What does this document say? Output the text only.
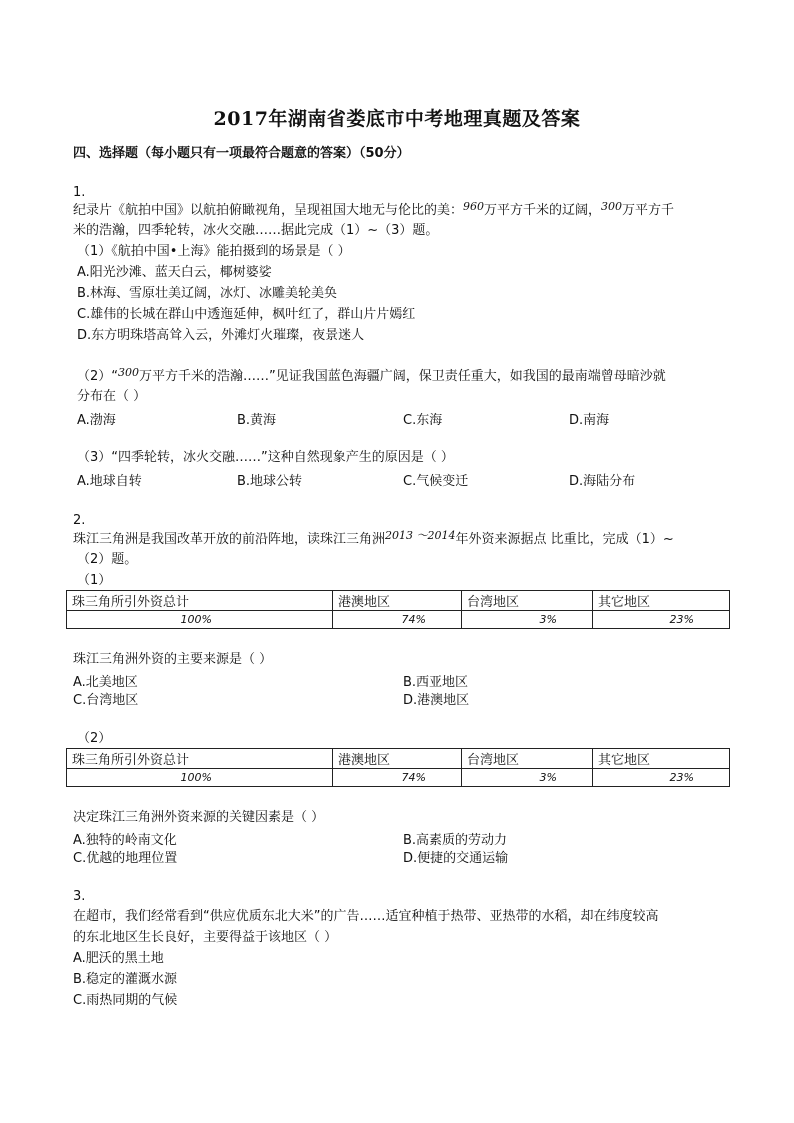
2017年湖南省娄底市中考地理真题及答案
四、选择题（每小题只有一项最符合题意的答案）（50分）
1.
纪录片《航拍中国》以航拍俯瞰视角，呈现祖国大地无与伦比的美：$^{960}$万平方千米的辽阔，$^{300}$万平方千
米的浩瀚，四季轮转，冰火交融……据此完成（1）~（3）题。
（1）《航拍中国•上海》能拍摄到的场景是（ ）
A.阳光沙滩、蓝天白云，椰树婆娑
B.林海、雪原壮美辽阔，冰灯、冰雕美轮美奂
C.雄伟的长城在群山中透迤延伸，枫叶红了，群山片片嫣红
D.东方明珠塔高耸入云，外滩灯火璀璨，夜景迷人
（2）“$^{300}$万平方千米的浩瀚……”见证我国蓝色海疆广阔，保卫责任重大，如我国的最南端曾母暗沙就
分布在（ ）
A.渤海	B.黄海	C.东海	D.南海
（3）“四季轮转，冰火交融……”这种自然现象产生的原因是（ ）
A.地球自转	B.地球公转	C.气候变迁	D.海陆分布
2.
珠江三角洲是我国改革开放的前沿阵地，读珠江三角洲$^{2013}$ $^{\sim 2014}$年外资来源据点 比重比，完成（1）~
（2）题。
（1）
珠三角所引外资总计	港澳地区	台湾地区	其它地区
100%	74%	3%	23%
珠江三角洲外资的主要来源是（ ）
A.北美地区	B.西亚地区
C.台湾地区	D.港澳地区
（2）
珠三角所引外资总计	港澳地区	台湾地区	其它地区
100%	74%	3%	23%
决定珠江三角洲外资来源的关键因素是（ ）
A.独特的岭南文化	B.高素质的劳动力
C.优越的地理位置	D.便捷的交通运输
3.
在超市，我们经常看到“供应优质东北大米”的广告……适宜种植于热带、亚热带的水稻，却在纬度较高
的东北地区生长良好，主要得益于该地区（ ）
A.肥沃的黑土地
B.稳定的灌溉水源
C.雨热同期的气候
